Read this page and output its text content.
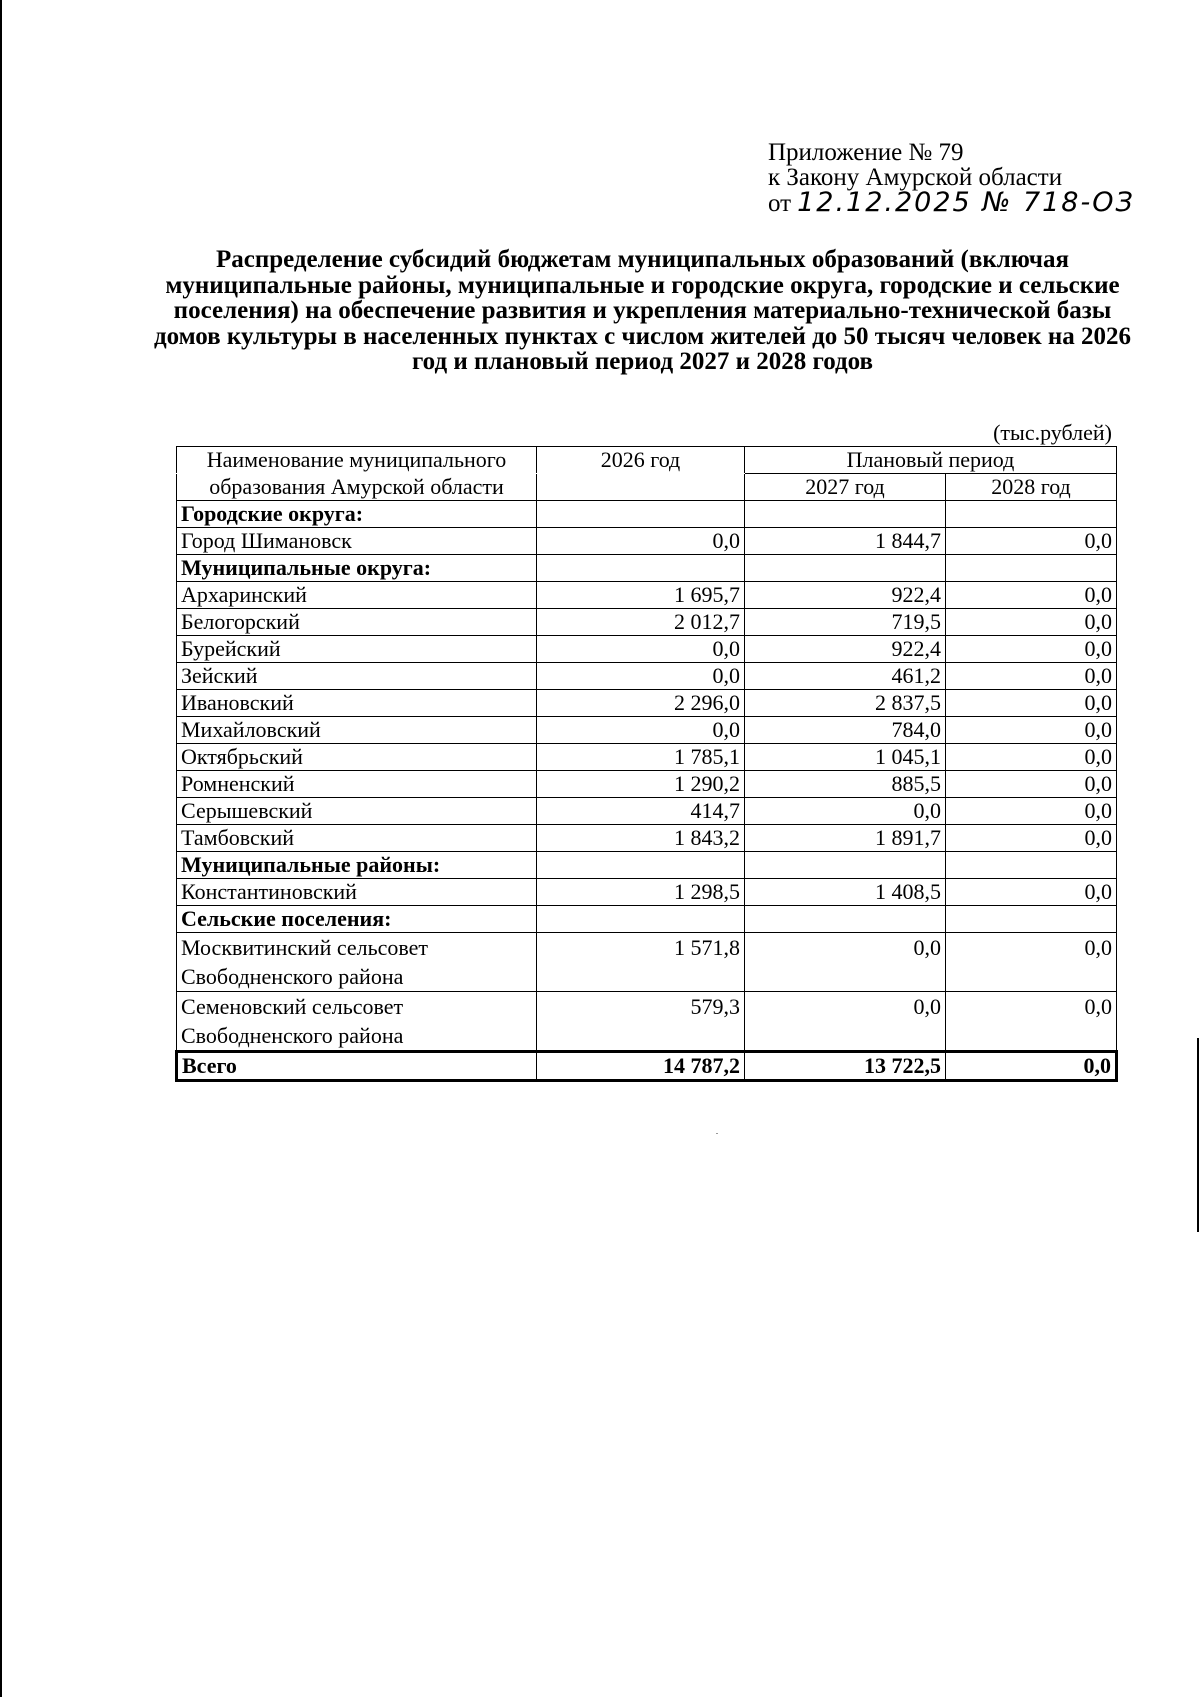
Приложение № 79
к Закону Амурской области
от 12.12.2025 № 718-ОЗ
Распределение субсидий бюджетам муниципальных образований (включая муниципальные районы, муниципальные и городские округа, городские и сельские поселения) на обеспечение развития и укрепления материально-технической базы домов культуры в населенных пунктах с числом жителей до 50 тысяч человек на 2026 год и плановый период 2027 и 2028 годов
(тыс.рублей)
Наименование муниципального	2026 год	Плановый период	
образования Амурской области		2027 год	2028 год
Городские округа:			

Город Шимановск	0,0	1 844,7	0,0
Муниципальные округа:			

Архаринский	1 695,7	922,4	0,0

Белогорский	2 012,7	719,5	0,0

Бурейский	0,0	922,4	0,0

Зейский	0,0	461,2	0,0

Ивановский	2 296,0	2 837,5	0,0

Михайловский	0,0	784,0	0,0

Октябрьский	1 785,1	1 045,1	0,0

Ромненский	1 290,2	885,5	0,0

Серышевский	414,7	0,0	0,0

Тамбовский	1 843,2	1 891,7	0,0
Муниципальные районы:			

Константиновский	1 298,5	1 408,5	0,0
Сельские поселения:			

Москвитинский сельсовет
Свободненского района	1 571,8	0,0	0,0

Семеновский сельсовет
Свободненского района	579,3	0,0	0,0
Всего	14 787,2	13 722,5	0,0
